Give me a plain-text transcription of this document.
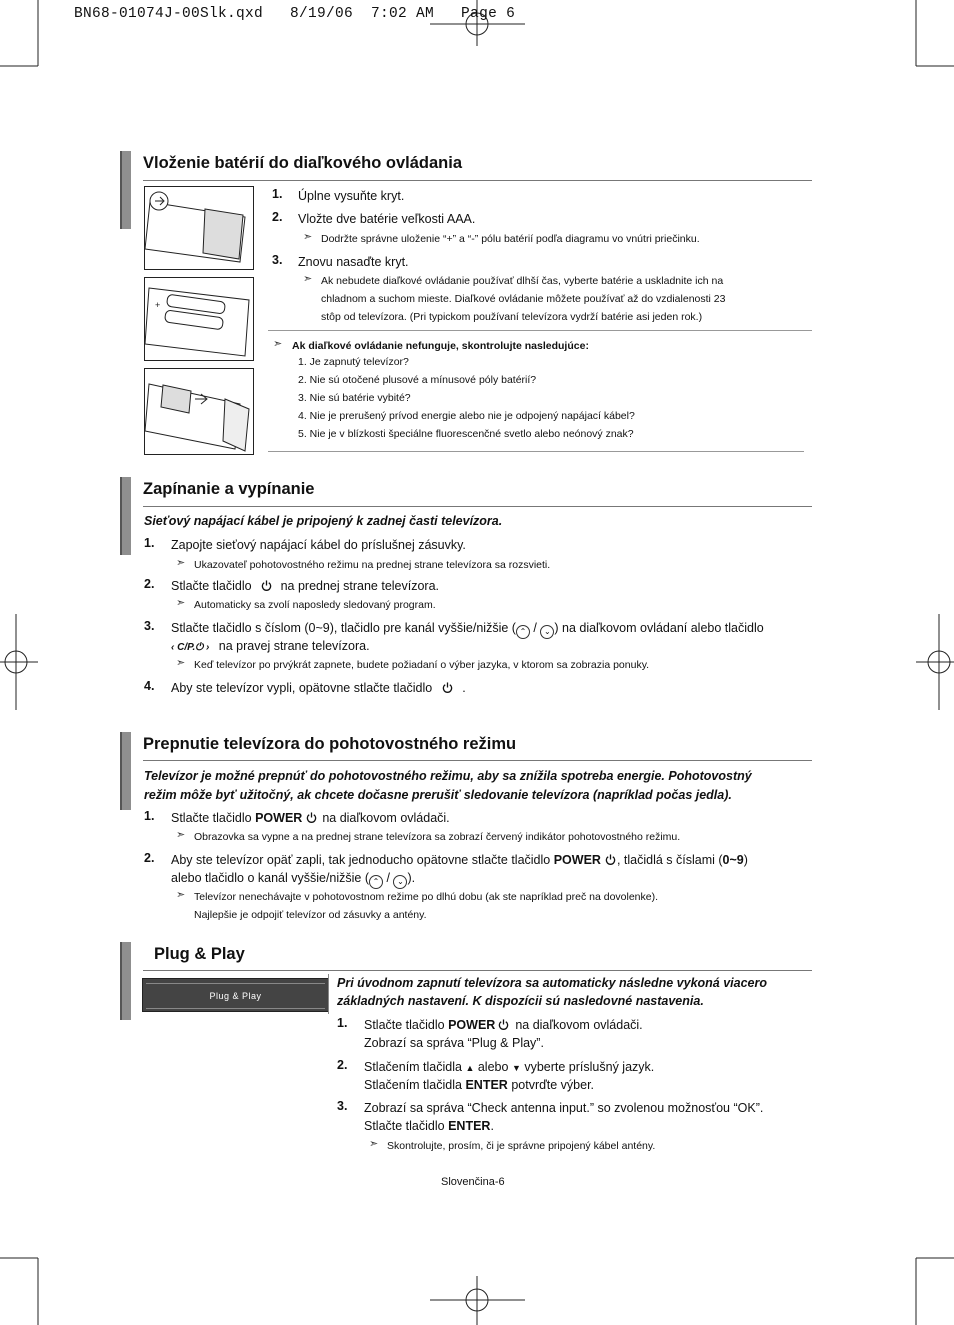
BN68-01074J-00Slk.qxd   8/19/06  7:02 AM   Page 6
Vloženie batérií do diaľkového ovládania
+
1. Úplne vysuňte kryt.
2. Vložte dve batérie veľkosti AAA.
➣ Dodržte správne uloženie “+” a “-” pólu batérií podľa diagramu vo vnútri priečinku.
3. Znovu nasaďte kryt.
➣ Ak nebudete diaľkové ovládanie používať dlhší čas, vyberte batérie a uskladnite ich na
chladnom a suchom mieste. Diaľkové ovládanie môžete používať až do vzdialenosti 23
stôp od televízora. (Pri typickom používaní televízora vydrží batérie asi jeden rok.)
➣ Ak diaľkové ovládanie nefunguje, skontrolujte nasledujúce:
1. Je zapnutý televízor?
2. Nie sú otočené plusové a mínusové póly batérií?
3. Nie sú batérie vybité?
4. Nie je prerušený prívod energie alebo nie je odpojený napájací kábel?
5. Nie je v blízkosti špeciálne fluorescenčné svetlo alebo neónový znak?
Zapínanie a vypínanie
Sieťový napájací kábel je pripojený k zadnej časti televízora.
1. Zapojte sieťový napájací kábel do príslušnej zásuvky.
➣ Ukazovateľ pohotovostného režimu na prednej strane televízora sa rozsvieti.
2. Stlačte tlačidlo na prednej strane televízora.
➣ Automaticky sa zvolí naposledy sledovaný program.
3. Stlačte tlačidlo s číslom (0~9), tlačidlo pre kanál vyššie/nižšie ( ⌃ / ⌄ ) na diaľkovom ovládaní alebo tlačidlo
‹ C/P.⏻ › na pravej strane televízora.
➣ Keď televízor po prvýkrát zapnete, budete požiadaní o výber jazyka, v ktorom sa zobrazia ponuky.
4. Aby ste televízor vypli, opätovne stlačte tlačidlo .
Prepnutie televízora do pohotovostného režimu
Televízor je možné prepnúť do pohotovostného režimu, aby sa znížila spotreba energie. Pohotovostný
režim môže byť užitočný, ak chcete dočasne prerušiť sledovanie televízora (napríklad počas jedla).
1. Stlačte tlačidlo POWER na diaľkovom ovládači.
➣ Obrazovka sa vypne a na prednej strane televízora sa zobrazí červený indikátor pohotovostného režimu.
2. Aby ste televízor opäť zapli, tak jednoducho opätovne stlačte tlačidlo POWER , tlačidlá s číslami (0~9)
alebo tlačidlo o kanál vyššie/nižšie ( ⌃ / ⌄ ).
➣ Televízor nenechávajte v pohotovostnom režime po dlhú dobu (ak ste napríklad preč na dovolenke).
Najlepšie je odpojiť televízor od zásuvky a antény.
Plug & Play
Plug & Play
Pri úvodnom zapnutí televízora sa automaticky následne vykoná viacero
základných nastavení. K dispozícii sú nasledovné nastavenia.
1. Stlačte tlačidlo POWER na diaľkovom ovládači.
Zobrazí sa správa “Plug & Play”.
2. Stlačením tlačidla ▲ alebo ▼ vyberte príslušný jazyk.
Stlačením tlačidla ENTER potvrďte výber.
3. Zobrazí sa správa “Check antenna input.” so zvolenou možnosťou “OK”.
Stlačte tlačidlo ENTER.
➣ Skontrolujte, prosím, či je správne pripojený kábel antény.
Slovenčina-6
